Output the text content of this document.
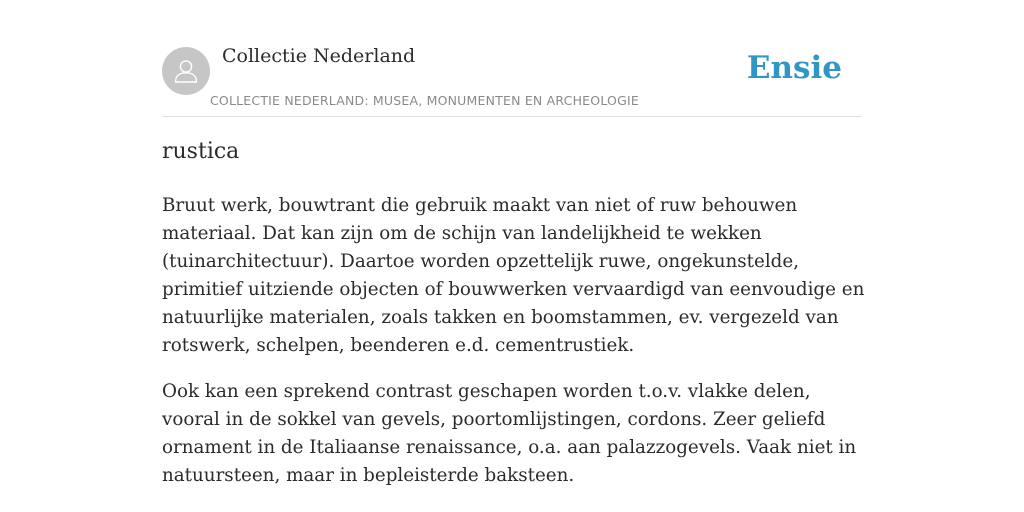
Collectie Nederland
COLLECTIE NEDERLAND: MUSEA, MONUMENTEN EN ARCHEOLOGIE
Ensie
rustica

Bruut werk, bouwtrant die gebruik maakt van niet of ruw behouwen materiaal. Dat kan zijn om de schijn van landelijkheid te wekken (tuinarchitectuur). Daartoe worden opzettelijk ruwe, ongekunstelde, primitief uitziende objecten of bouwwerken vervaardigd van eenvoudige en natuurlijke materialen, zoals takken en boomstammen, ev. vergezeld van rotswerk, schelpen, beenderen e.d. cementrustiek.

Ook kan een sprekend contrast geschapen worden t.o.v. vlakke delen, vooral in de sokkel van gevels, poortomlijstingen, cordons. Zeer geliefd ornament in de Italiaanse renaissance, o.a. aan palazzogevels. Vaak niet in natuursteen, maar in bepleisterde baksteen.
